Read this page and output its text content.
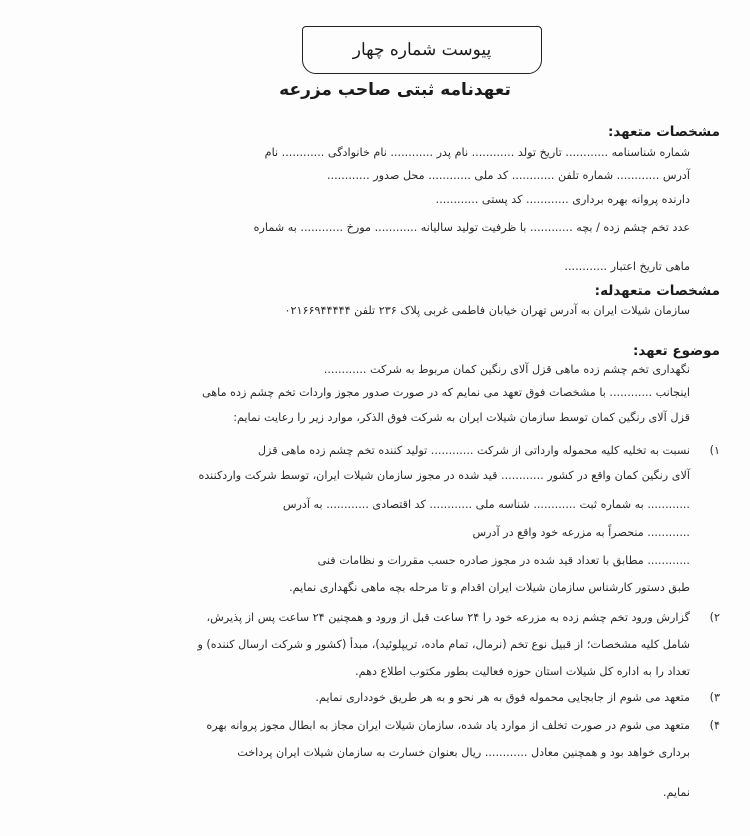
پیوست شماره چهار
تعهدنامه ثبتی صاحب مزرعه
مشخصات متعهد:
شماره شناسنامه ............ تاریخ تولد ............ نام پدر ............ نام خانوادگی ............ نام
آدرس ............ شماره تلفن ............ کد ملی ............ محل صدور ............
دارنده پروانه بهره برداری ............ کد پستی ............
عدد تخم چشم زده / بچه ............ با ظرفیت تولید سالیانه ............ مورخ ............ به شماره
ماهی تاریخ اعتبار ............
مشخصات متعهدله:
سازمان شیلات ایران به آدرس تهران خیابان فاطمی غربی پلاک ۲۳۶ تلفن ۰۲۱۶۶۹۴۴۴۴۴
موضوع تعهد:
نگهداری تخم چشم زده ماهی قزل آلای رنگین کمان مربوط به شرکت ............
اینجانب ............ با مشخصات فوق تعهد می نمایم که در صورت صدور مجوز واردات تخم چشم زده ماهی
قزل آلای رنگین کمان توسط سازمان شیلات ایران به شرکت فوق الذکر، موارد زیر را رعایت نمایم:
۱)
نسبت به تخلیه کلیه محموله وارداتی از شرکت ............ تولید کننده تخم چشم زده ماهی قزل
آلای رنگین کمان واقع در کشور ............ قید شده در مجوز سازمان شیلات ایران، توسط شرکت واردکننده
............ به شماره ثبت ............ شناسه ملی ............ کد اقتصادی ............ به آدرس
............ منحصراً به مزرعه خود واقع در آدرس
............ مطابق با تعداد قید شده در مجوز صادره حسب مقررات و نظامات فنی
طبق دستور کارشناس سازمان شیلات ایران اقدام و تا مرحله بچه ماهی نگهداری نمایم.
۲)
گزارش ورود تخم چشم زده به مزرعه خود را ۲۴ ساعت قبل از ورود و همچنین ۲۴ ساعت پس از پذیرش،
شامل کلیه مشخصات؛ از قبیل نوع تخم (نرمال، تمام ماده، تریپلوئید)، مبدأ (کشور و شرکت ارسال کننده) و
تعداد را به اداره کل شیلات استان حوزه فعالیت بطور مکتوب اطلاع دهم.
۳)
متعهد می شوم از جابجایی محموله فوق به هر نحو و به هر طریق خودداری نمایم.
۴)
متعهد می شوم در صورت تخلف از موارد یاد شده، سازمان شیلات ایران مجاز به ابطال مجوز پروانه بهره
برداری خواهد بود و همچنین معادل ............ ریال بعنوان خسارت به سازمان شیلات ایران پرداخت
نمایم.
